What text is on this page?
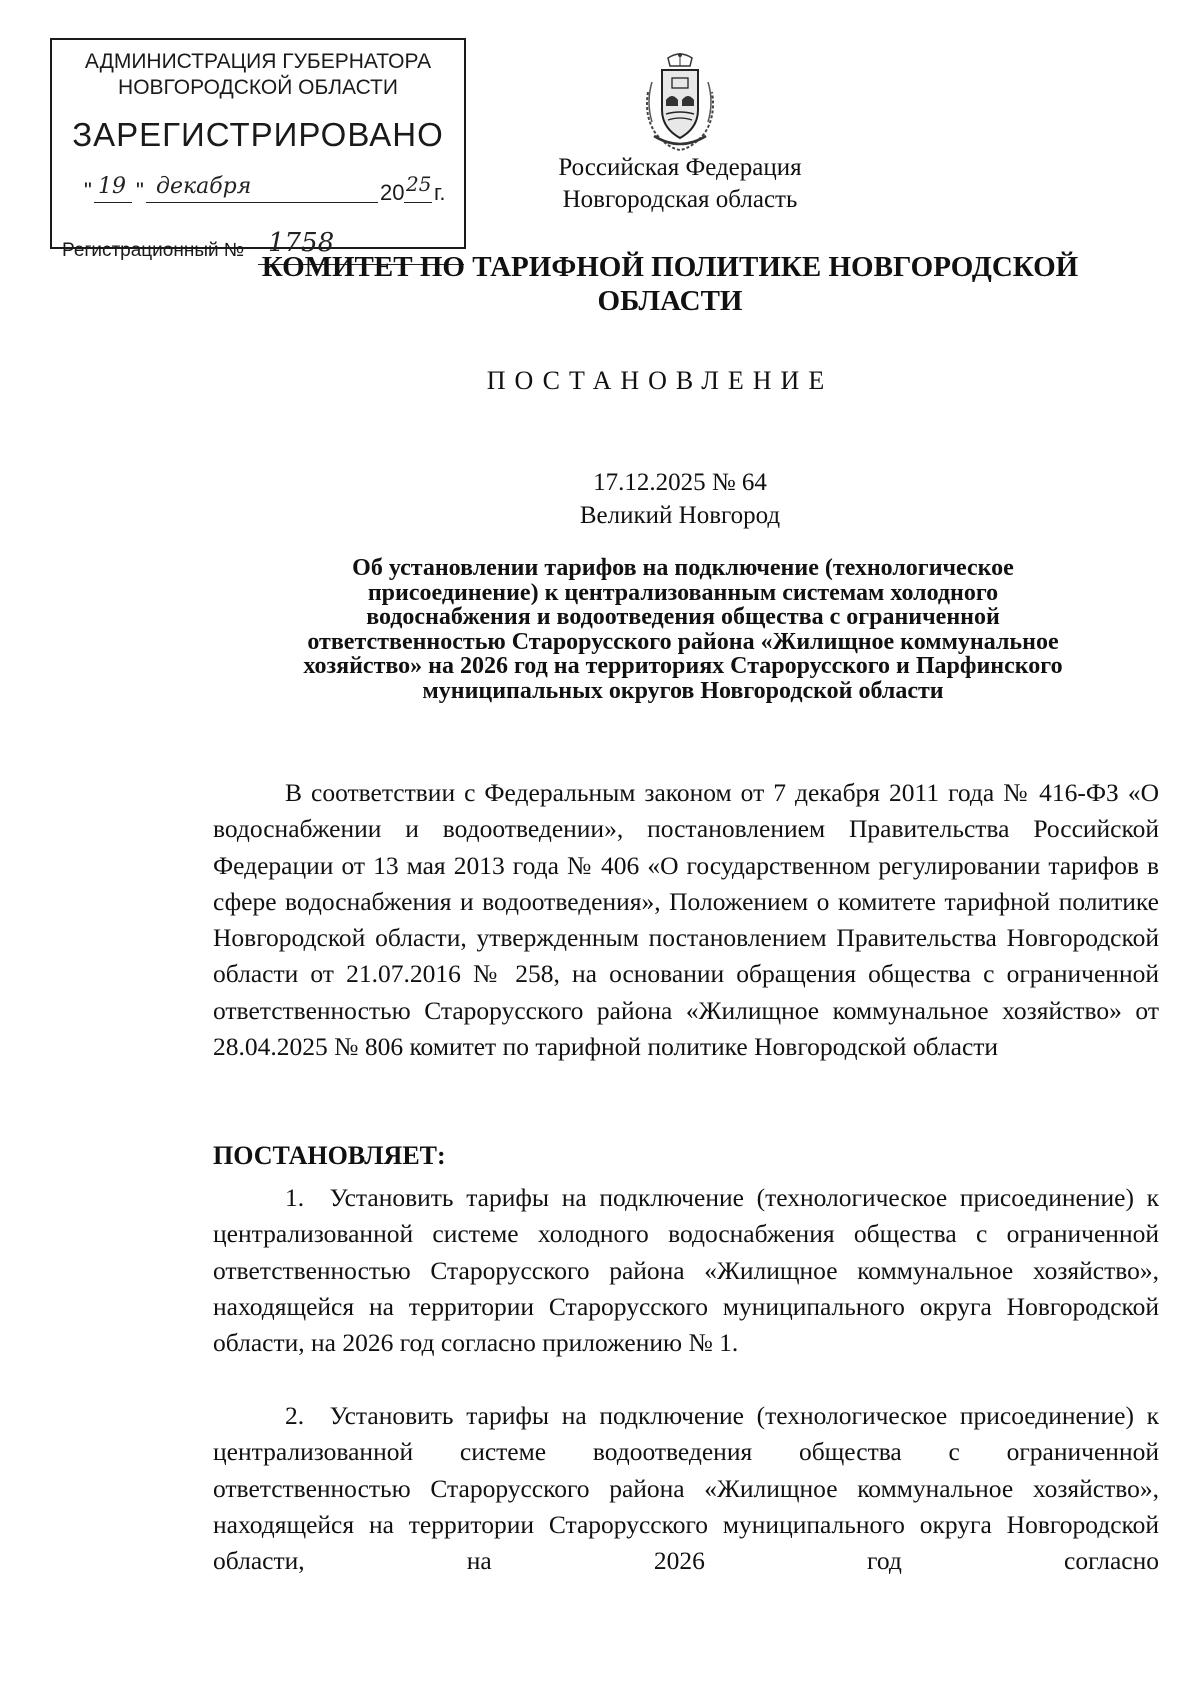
АДМИНИСТРАЦИЯ ГУБЕРНАТОРА
НОВГОРОДСКОЙ ОБЛАСТИ
ЗАРЕГИСТРИРОВАНО
" 19 " декабря	20 25 г.
Регистрационный № 1758
Российская Федерация
Новгородская область
КОМИТЕТ ПО ТАРИФНОЙ ПОЛИТИКЕ НОВГОРОДСКОЙ
ОБЛАСТИ
ПОСТАНОВЛЕНИЕ
17.12.2025 № 64
Великий Новгород
Об установлении тарифов на подключение (технологическое
присоединение) к централизованным системам холодного
водоснабжения и водоотведения общества с ограниченной
ответственностью Старорусского района «Жилищное коммунальное
хозяйство» на 2026 год на территориях Старорусского и Парфинского
муниципальных округов Новгородской области

В соответствии с Федеральным законом от 7 декабря 2011 года № 416-ФЗ «О водоснабжении и водоотведении», постановлением Правительства Российской Федерации от 13 мая 2013 года № 406 «О государственном регулировании тарифов в сфере водоснабжения и водоотведения», Положением о комитете тарифной политике Новгородской области, утвержденным постановлением Правительства Новгородской области от 21.07.2016 № 258, на основании обращения общества с ограниченной ответственностью Старорусского района «Жилищное коммунальное хозяйство» от 28.04.2025 № 806 комитет по тарифной политике Новгородской области

ПОСТАНОВЛЯЕТ:

1. Установить тарифы на подключение (технологическое присоединение) к централизованной системе холодного водоснабжения общества с ограниченной ответственностью Старорусского района «Жилищное коммунальное хозяйство», находящейся на территории Старорусского муниципального округа Новгородской области, на 2026 год согласно приложению № 1.

2. Установить тарифы на подключение (технологическое присоединение) к централизованной системе водоотведения общества с ограниченной ответственностью Старорусского района «Жилищное коммунальное хозяйство», находящейся на территории Старорусского муниципального округа Новгородской области, на 2026 год согласно
